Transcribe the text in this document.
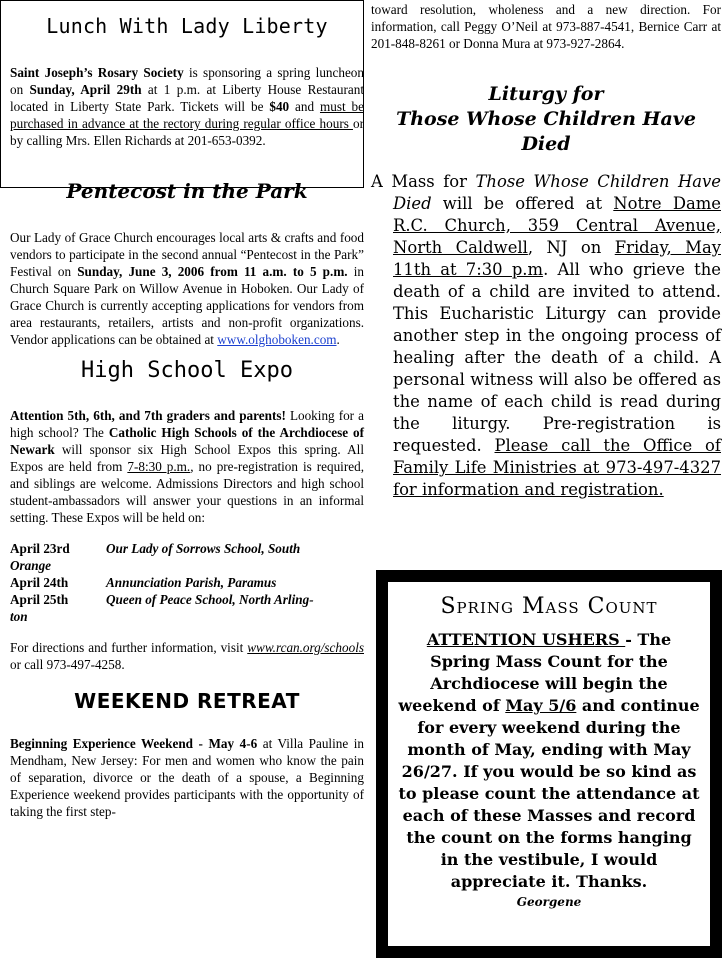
Lunch With Lady Liberty

Saint Joseph’s Rosary Society is sponsoring a spring luncheon on Sunday, April 29th at 1 p.m. at Liberty House Restaurant located in Liberty State Park. Tickets will be $40 and must be purchased in advance at the rectory during regular office hours or by calling Mrs. Ellen Richards at 201-653-0392.

Pentecost in the Park

Our Lady of Grace Church encourages local arts & crafts and food vendors to participate in the second annual “Pentecost in the Park” Festival on Sunday, June 3, 2006 from 11 a.m. to 5 p.m. in Church Square Park on Willow Avenue in Hoboken. Our Lady of Grace Church is currently accepting applications for vendors from area restaurants, retailers, artists and non-profit organizations. Vendor applications can be obtained at www.olghoboken.com.

High School Expo

Attention 5th, 6th, and 7th graders and parents! Looking for a high school? The Catholic High Schools of the Archdiocese of Newark will sponsor six High School Expos this spring. All Expos are held from 7-8:30 p.m., no pre-registration is required, and siblings are welcome. Admissions Directors and high school student-ambassadors will answer your questions in an informal setting. These Expos will be held on:

April 23rd	Our Lady of Sorrows School, South
Orange
April 24th	Annunciation Parish, Paramus
April 25th	Queen of Peace School, North Arling-
ton

For directions and further information, visit www.rcan.org/schools or call 973-497-4258.

WEEKEND RETREAT

Beginning Experience Weekend - May 4-6 at Villa Pauline in Mendham, New Jersey: For men and women who know the pain of separation, divorce or the death of a spouse, a Beginning Experience weekend provides participants with the opportunity of taking the first step-

toward resolution, wholeness and a new direction. For information, call Peggy O’Neil at 973-887-4541, Bernice Carr at 201-848-8261 or Donna Mura at 973-927-2864.

Liturgy for
Those Whose Children Have Died

A Mass for Those Whose Children Have Died will be offered at Notre Dame R.C. Church, 359 Central Avenue, North Caldwell, NJ on Friday, May 11th at 7:30 p.m. All who grieve the death of a child are invited to attend. This Eucharistic Liturgy can provide another step in the ongoing process of healing after the death of a child. A personal witness will also be offered as the name of each child is read during the liturgy. Pre-registration is requested. Please call the Office of Family Life Ministries at 973-497-4327 for information and registration.

Spring Mass Count

ATTENTION USHERS - The Spring Mass Count for the Archdiocese will begin the weekend of May 5/6 and continue for every weekend during the month of May, ending with May 26/27. If you would be so kind as to please count the attendance at each of these Masses and record the count on the forms hanging in the vestibule, I would appreciate it. Thanks.

Georgene
